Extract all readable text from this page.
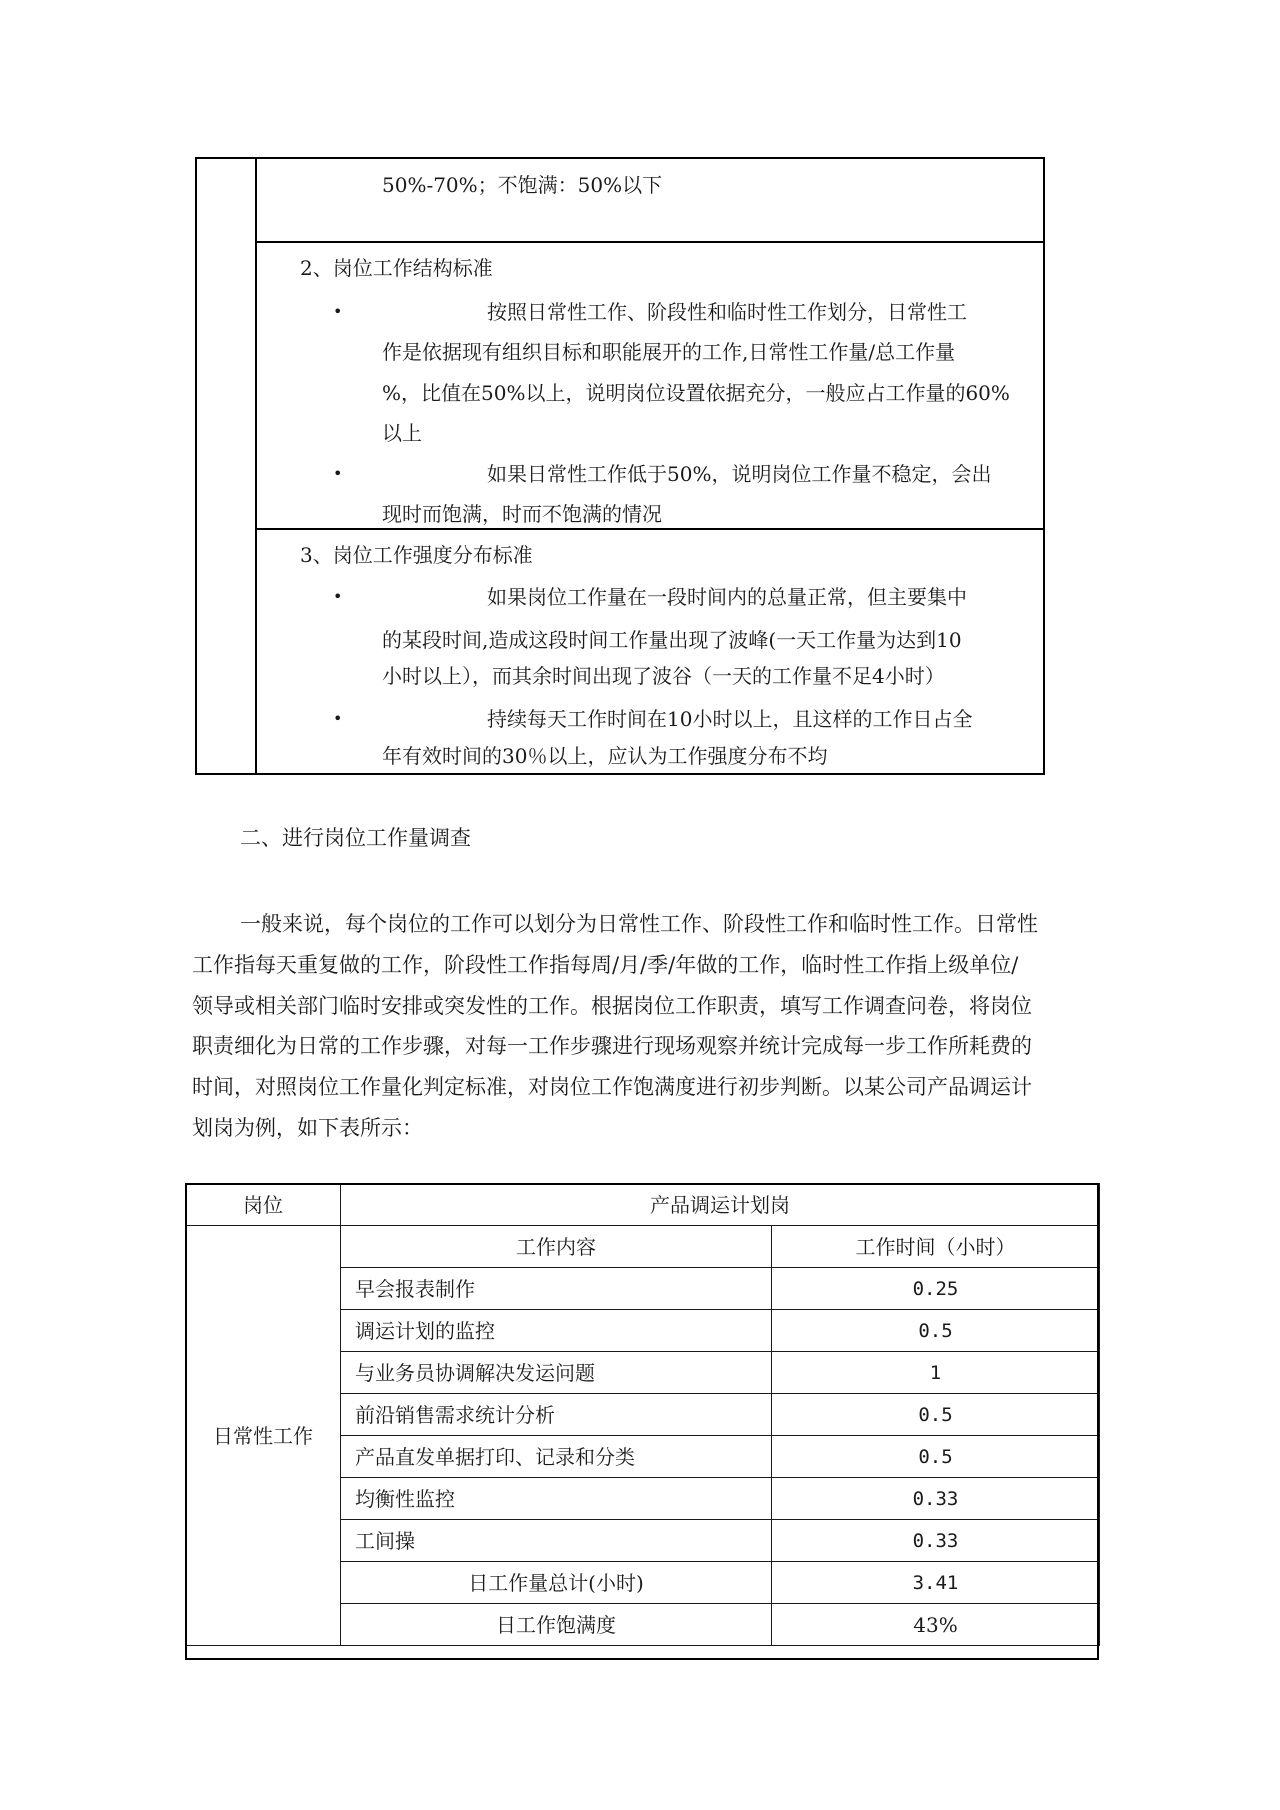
50%-70%；不饱满：50%以下
2、岗位工作结构标准
•	按照日常性工作、阶段性和临时性工作划分，日常性工
作是依据现有组织目标和职能展开的工作,日常性工作量/总工作量
%，比值在50%以上，说明岗位设置依据充分，一般应占工作量的60%
以上
•	如果日常性工作低于50%，说明岗位工作量不稳定，会出
现时而饱满，时而不饱满的情况
3、岗位工作强度分布标准
•	如果岗位工作量在一段时间内的总量正常，但主要集中
的某段时间,造成这段时间工作量出现了波峰(一天工作量为达到10
小时以上），而其余时间出现了波谷（一天的工作量不足4小时）
•	持续每天工作时间在10小时以上，且这样的工作日占全
年有效时间的30％以上，应认为工作强度分布不均
二、进行岗位工作量调查
一般来说，每个岗位的工作可以划分为日常性工作、阶段性工作和临时性工作。日常性
工作指每天重复做的工作，阶段性工作指每周/月/季/年做的工作，临时性工作指上级单位/
领导或相关部门临时安排或突发性的工作。根据岗位工作职责，填写工作调查问卷，将岗位
职责细化为日常的工作步骤，对每一工作步骤进行现场观察并统计完成每一步工作所耗费的
时间，对照岗位工作量化判定标准，对岗位工作饱满度进行初步判断。以某公司产品调运计
划岗为例，如下表所示：
岗位	产品调运计划岗	
日常性工作	工作内容	工作时间（小时）
	早会报表制作	0.25
	调运计划的监控	0.5
	与业务员协调解决发运问题	1
	前沿销售需求统计分析	0.5
	产品直发单据打印、记录和分类	0.5
	均衡性监控	0.33
	工间操	0.33
	日工作量总计(小时)	3.41
	日工作饱满度	43%
